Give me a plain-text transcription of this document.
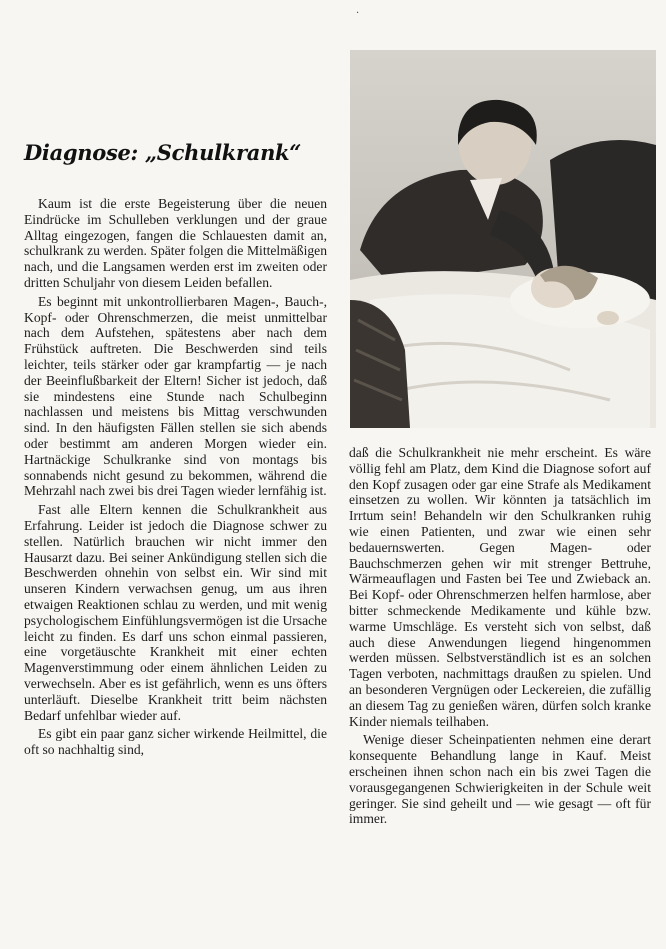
·
Diagnose: „Schulkrank“

Kaum ist die erste Begeisterung über die neuen Eindrücke im Schulleben verklungen und der graue Alltag eingezogen, fangen die Schlauesten damit an, schulkrank zu werden. Später folgen die Mittelmäßigen nach, und die Langsamen werden erst im zweiten oder dritten Schuljahr von diesem Leiden befallen.

Es beginnt mit unkontrollierbaren Magen-, Bauch-, Kopf- oder Ohrenschmerzen, die meist unmittelbar nach dem Aufstehen, spätestens aber nach dem Frühstück auftreten. Die Beschwerden sind teils leichter, teils stärker oder gar krampfartig — je nach der Beeinflußbarkeit der Eltern! Sicher ist jedoch, daß sie mindestens eine Stunde nach Schulbeginn nachlassen und meistens bis Mittag verschwunden sind. In den häufigsten Fällen stellen sie sich abends oder bestimmt am anderen Morgen wieder ein. Hartnäckige Schulkranke sind von montags bis sonnabends nicht gesund zu bekommen, während die Mehrzahl nach zwei bis drei Tagen wieder lernfähig ist.

Fast alle Eltern kennen die Schulkrankheit aus Erfahrung. Leider ist jedoch die Diagnose schwer zu stellen. Natürlich brauchen wir nicht immer den Hausarzt dazu. Bei seiner Ankündigung stellen sich die Beschwerden ohnehin von selbst ein. Wir sind mit unseren Kindern verwachsen genug, um aus ihren etwaigen Reaktionen schlau zu werden, und mit wenig psychologischem Einfühlungsvermögen ist die Ursache leicht zu finden. Es darf uns schon einmal passieren, eine vorgetäuschte Krankheit mit einer echten Magenverstimmung oder einem ähnlichen Leiden zu verwechseln. Aber es ist gefährlich, wenn es uns öfters unterläuft. Dieselbe Krankheit tritt beim nächsten Bedarf unfehlbar wieder auf.

Es gibt ein paar ganz sicher wirkende Heilmittel, die oft so nachhaltig sind,

daß die Schulkrankheit nie mehr erscheint. Es wäre völlig fehl am Platz, dem Kind die Diagnose sofort auf den Kopf zusagen oder gar eine Strafe als Medikament einsetzen zu wollen. Wir könnten ja tatsächlich im Irrtum sein! Behandeln wir den Schulkranken ruhig wie einen Patienten, und zwar wie einen sehr bedauernswerten. Gegen Magen- oder Bauchschmerzen gehen wir mit strenger Bettruhe, Wärmeauflagen und Fasten bei Tee und Zwieback an. Bei Kopf- oder Ohrenschmerzen helfen harmlose, aber bitter schmeckende Medikamente und kühle bzw. warme Umschläge. Es versteht sich von selbst, daß auch diese Anwendungen liegend hingenommen werden müssen. Selbstverständlich ist es an solchen Tagen verboten, nachmittags draußen zu spielen. Und an besonderen Vergnügen oder Leckereien, die zufällig an diesem Tag zu genießen wären, dürfen solch kranke Kinder niemals teilhaben.

Wenige dieser Scheinpatienten nehmen eine derart konsequente Behandlung lange in Kauf. Meist erscheinen ihnen schon nach ein bis zwei Tagen die vorausgegangenen Schwierigkeiten in der Schule weit geringer. Sie sind geheilt und — wie gesagt — oft für immer.
